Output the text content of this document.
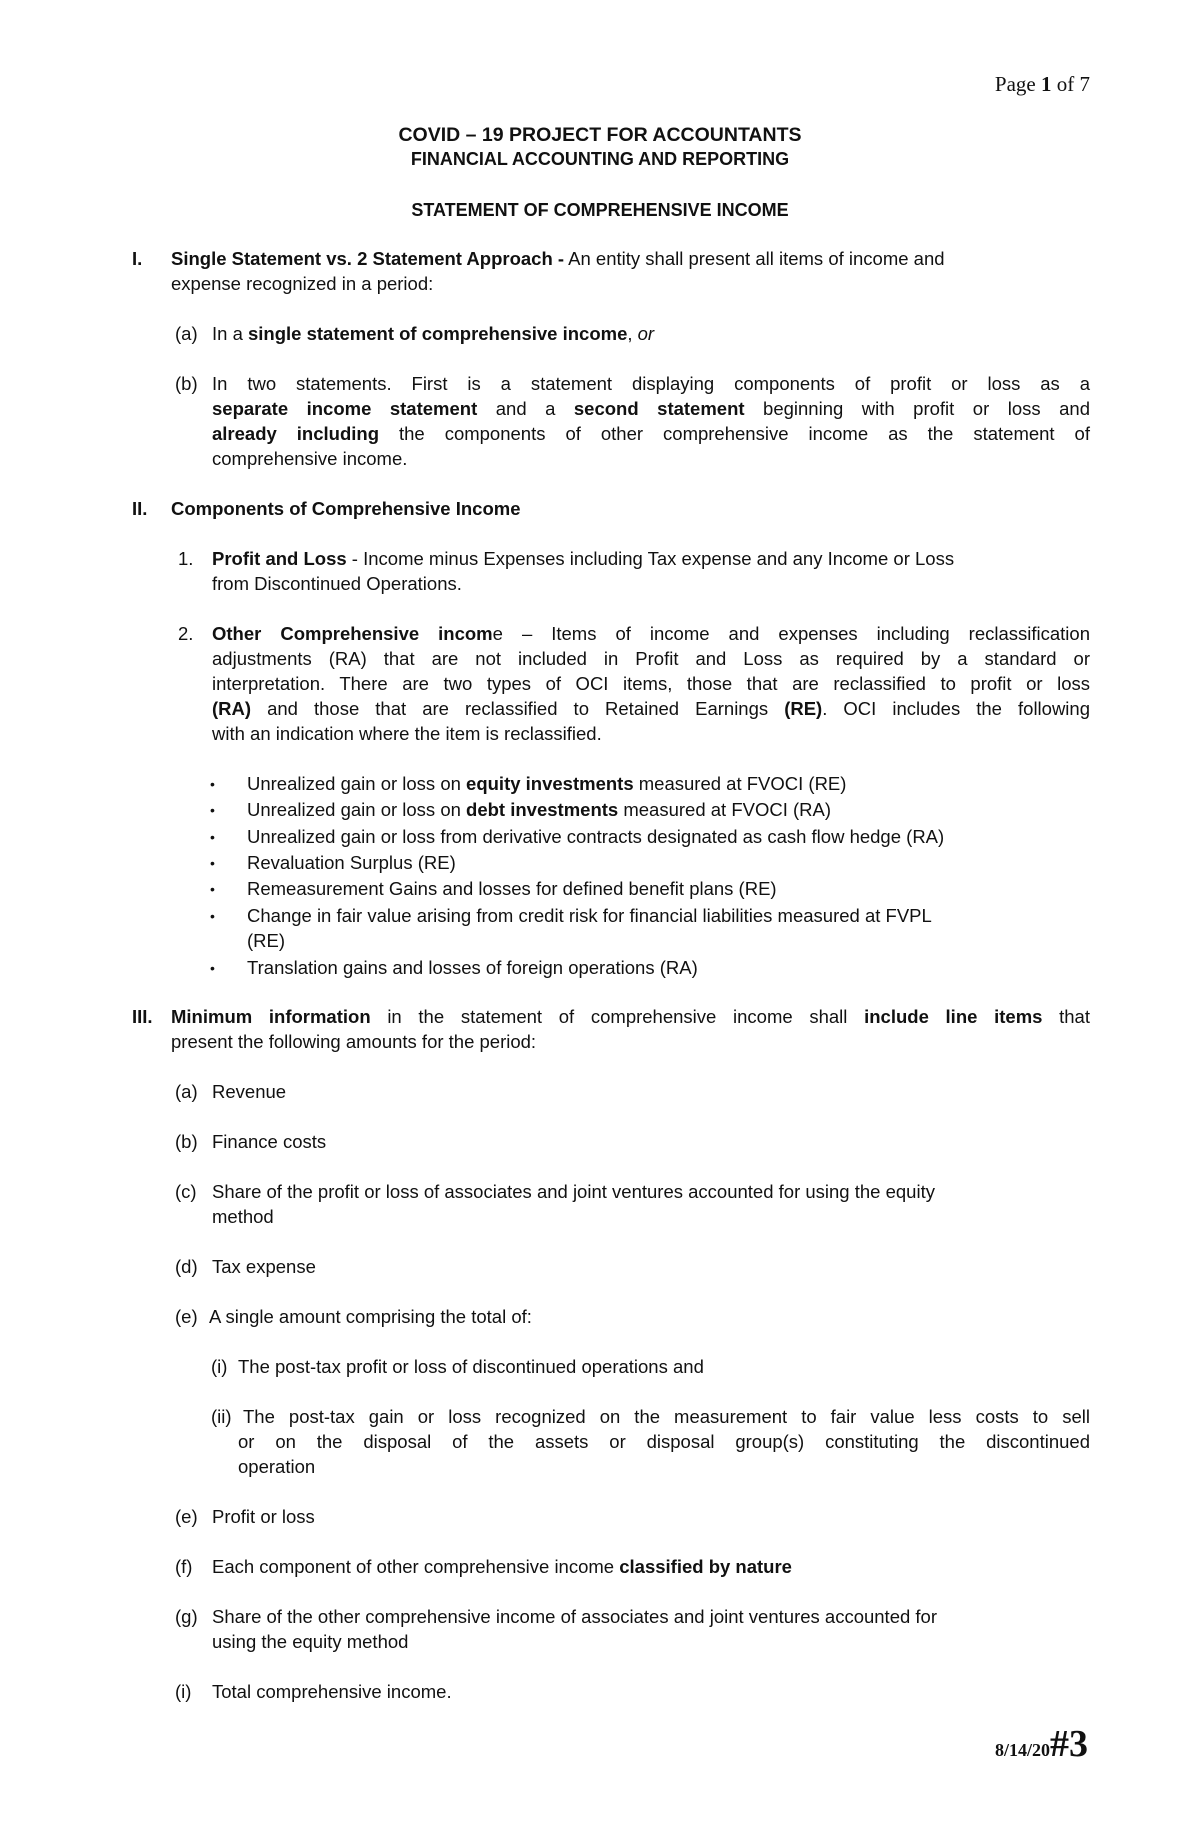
Page 1 of 7
COVID – 19 PROJECT FOR ACCOUNTANTS
FINANCIAL ACCOUNTING AND REPORTING
STATEMENT OF COMPREHENSIVE INCOME
I. Single Statement vs. 2 Statement Approach - An entity shall present all items of income and
expense recognized in a period:
(a) In a single statement of comprehensive income, or
(b) In two statements. First is a statement displaying components of profit or loss as a
separate income statement and a second statement beginning with profit or loss and
already including the components of other comprehensive income as the statement of
comprehensive income.
II. Components of Comprehensive Income
1. Profit and Loss - Income minus Expenses including Tax expense and any Income or Loss
from Discontinued Operations.
2. Other Comprehensive income – Items of income and expenses including reclassification
adjustments (RA) that are not included in Profit and Loss as required by a standard or
interpretation. There are two types of OCI items, those that are reclassified to profit or loss
(RA) and those that are reclassified to Retained Earnings (RE). OCI includes the following
with an indication where the item is reclassified.
• Unrealized gain or loss on equity investments measured at FVOCI (RE)
• Unrealized gain or loss on debt investments measured at FVOCI (RA)
• Unrealized gain or loss from derivative contracts designated as cash flow hedge (RA)
• Revaluation Surplus (RE)
• Remeasurement Gains and losses for defined benefit plans (RE)
• Change in fair value arising from credit risk for financial liabilities measured at FVPL
(RE)
• Translation gains and losses of foreign operations (RA)
III. Minimum information in the statement of comprehensive income shall include line items that
present the following amounts for the period:
(a) Revenue
(b) Finance costs
(c) Share of the profit or loss of associates and joint ventures accounted for using the equity
method
(d) Tax expense
(e) A single amount comprising the total of:
(i) The post-tax profit or loss of discontinued operations and
(ii) The post-tax gain or loss recognized on the measurement to fair value less costs to sell
or on the disposal of the assets or disposal group(s) constituting the discontinued
operation
(e) Profit or loss
(f) Each component of other comprehensive income classified by nature
(g) Share of the other comprehensive income of associates and joint ventures accounted for
using the equity method
(i) Total comprehensive income.
8/14/20#3
